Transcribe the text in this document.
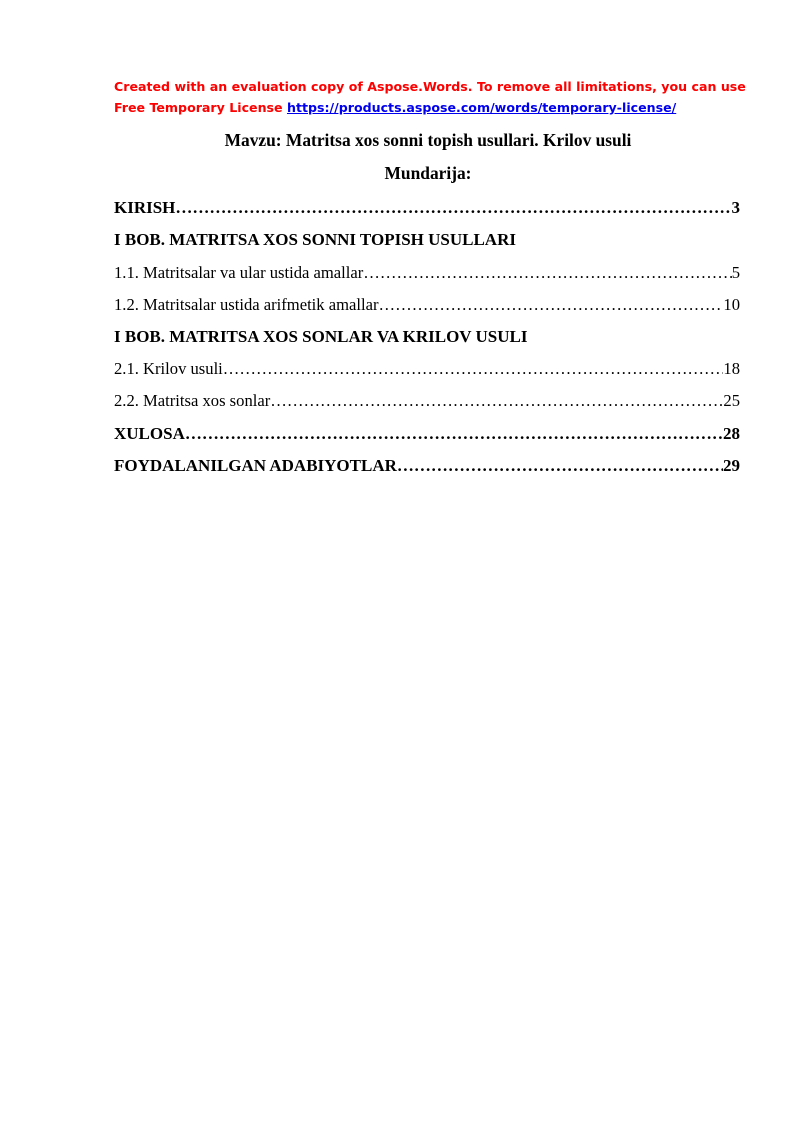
Created with an evaluation copy of Aspose.Words. To remove all limitations, you can use
Free Temporary License https://products.aspose.com/words/temporary-license/
Mavzu: Matritsa xos sonni topish usullari. Krilov usuli
Mundarija:
KIRISH ……………………………………………………………………………………………………………………………………………………………………	3
I BOB. MATRITSA XOS SONNI TOPISH USULLARI
1.1. Matritsalar va ular ustida amallar ……………………………………………………………………………………………………………………………………………………………………	5
1.2. Matritsalar ustida arifmetik amallar ……………………………………………………………………………………………………………………………………………………………………	10
I BOB. MATRITSA XOS SONLAR VA KRILOV USULI
2.1. Krilov usuli ……………………………………………………………………………………………………………………………………………………………………	18
2.2. Matritsa xos sonlar ……………………………………………………………………………………………………………………………………………………………………	25
XULOSA ……………………………………………………………………………………………………………………………………………………………………	28
FOYDALANILGAN ADABIYOTLAR ……………………………………………………………………………………………………………………………………………………………………	29
